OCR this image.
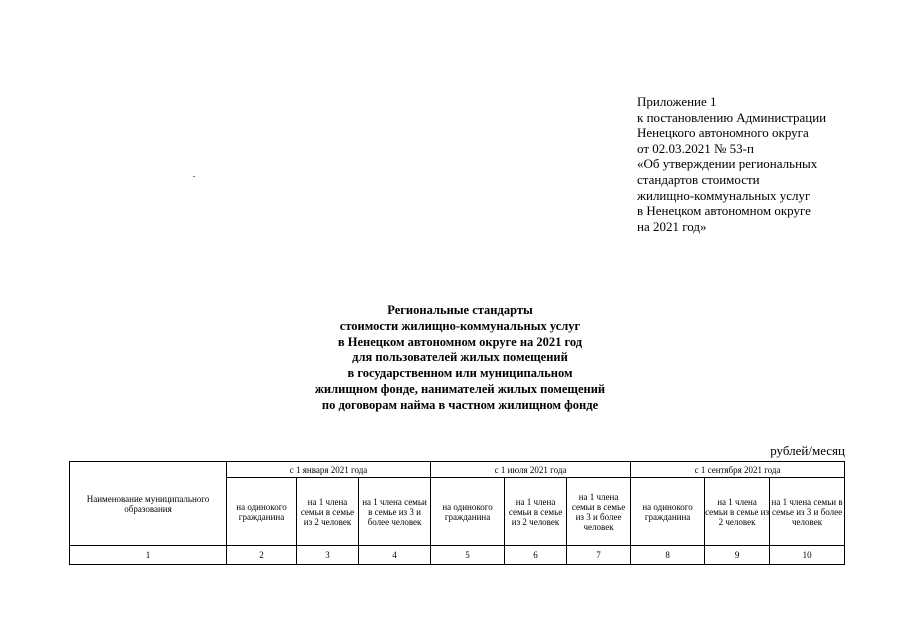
Приложение 1
к постановлению Администрации
Ненецкого автономного округа
от 02.03.2021 № 53-п
«Об утверждении региональных
стандартов стоимости
жилищно-коммунальных услуг
в Ненецком автономном округе
на 2021 год»
Региональные стандарты
стоимости жилищно-коммунальных услуг
в Ненецком автономном округе на 2021 год
для пользователей жилых помещений
в государственном или муниципальном
жилищном фонде, нанимателей жилых помещений
по договорам найма в частном жилищном фонде
рублей/месяц
Наименование муниципального образования	с 1 января 2021 года			с 1 июля 2021 года			с 1 сентября 2021 года		
	на одинокого гражданина	на 1 члена семьи в семье из 2 человек	на 1 члена семьи в семье из 3 и более человек	на одинокого гражданина	на 1 члена семьи в семье из 2 человек	на 1 члена семьи в семье из 3 и более человек	на одинокого гражданина	на 1 члена семьи в семье из 2 человек	на 1 члена семьи в семье из 3 и более человек
1	2	3	4	5	6	7	8	9	10
